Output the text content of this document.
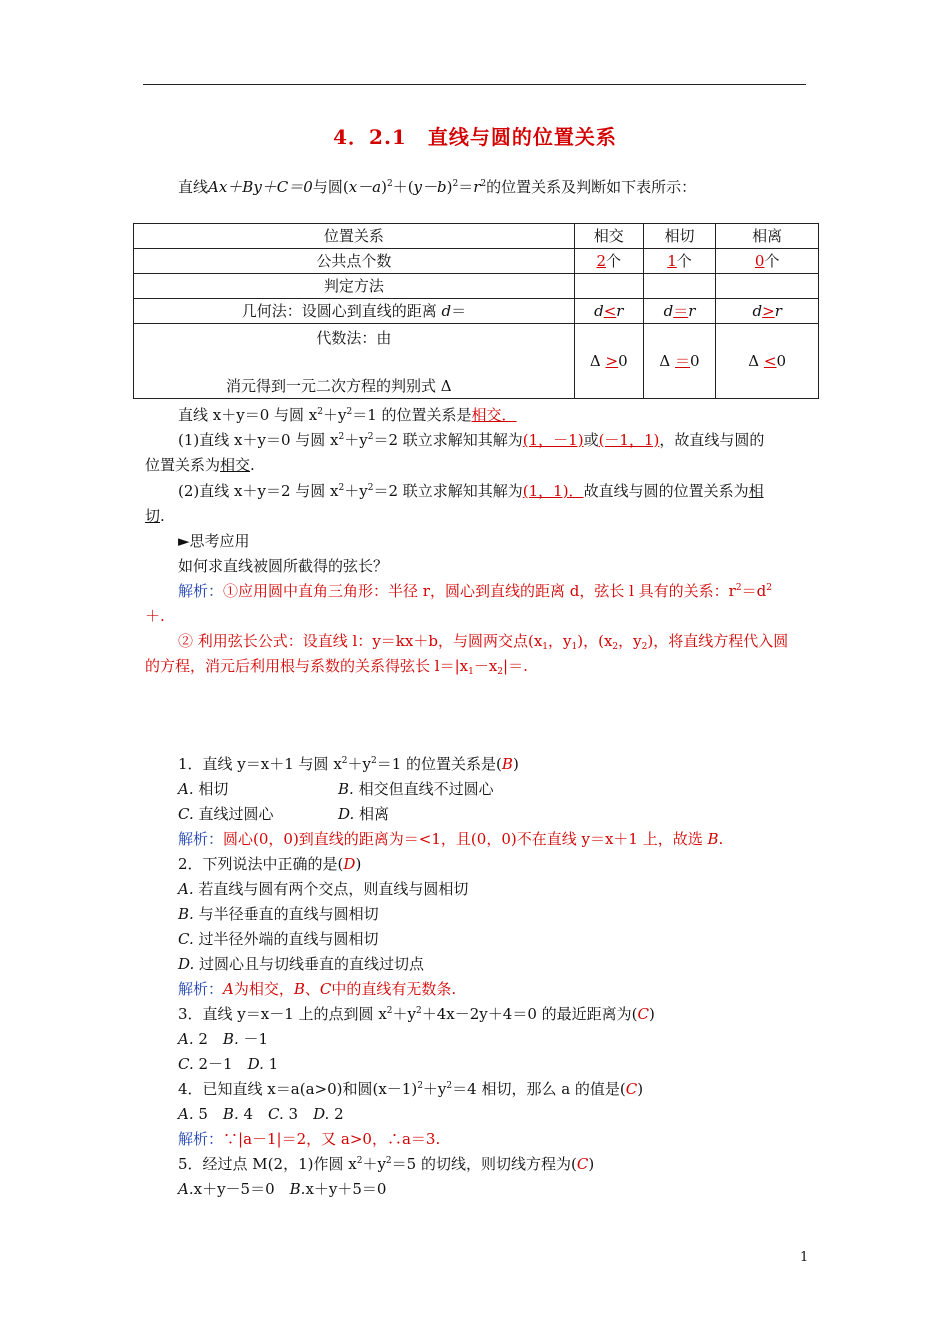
4．2.1　直线与圆的位置关系
直线Ax＋By＋C＝0与圆$(x-a)^2+(y-b)^2=r^2$的位置关系及判断如下表所示：
位置关系	相交	相切	相离
公共点个数	2个	1个	0个
判定方法			
几何法：设圆心到直线的距离 d＝	d<r	d＝r	d>r

代数法：由
消元得到一元二次方程的判别式 Δ	Δ >0	Δ ＝0	Δ <0
直线 x＋y＝0 与圆 $x^2+y^2=1$ 的位置关系是相交．
(1)直线 x＋y＝0 与圆 $x^2+y^2=2$ 联立求解知其解为(1，－1)或(－1，1)，故直线与圆的
位置关系为相交.
(2)直线 x＋y＝2 与圆 $x^2+y^2=2$ 联立求解知其解为(1，1)．故直线与圆的位置关系为相
切.
►思考应用
如何求直线被圆所截得的弦长？
解析：①应用圆中直角三角形：半径 r，圆心到直线的距离 d，弦长 l 具有的关系：$r^2=d^2$
＋.
② 利用弦长公式：设直线 l：y＝kx＋b，与圆两交点($x_1$，$y_1$)，($x_2$，$y_2$)，将直线方程代入圆
的方程，消元后利用根与系数的关系得弦长 $l=|x_1-x_2|=$.
1．直线 y＝x＋1 与圆 $x^2+y^2=1$ 的位置关系是(B)
A. 相切	B. 相交但直线不过圆心
C. 直线过圆心	D. 相离
解析：圆心(0，0)到直线的距离为＝<1，且(0，0)不在直线 y＝x＋1 上，故选 B.
2．下列说法中正确的是(D)
A. 若直线与圆有两个交点，则直线与圆相切
B. 与半径垂直的直线与圆相切
C. 过半径外端的直线与圆相切
D. 过圆心且与切线垂直的直线过切点
解析：A为相交，B、C中的直线有无数条.
3．直线 y＝x－1 上的点到圆 $x^2+y^2+4x-2y+4=0$ 的最近距离为(C)
A. 2　B. －1
C. 2－1　D. 1
4．已知直线 x＝a(a>0)和圆$(x-1)^2+y^2=4$ 相切，那么 a 的值是(C)
A. 5　B. 4　C. 3　D. 2
解析：∵|a－1|＝2，又 a>0，∴a＝3.
5．经过点 M(2，1)作圆 $x^2+y^2=5$ 的切线，则切线方程为(C)
A.x＋y－5＝0　B.x＋y＋5＝0
1
